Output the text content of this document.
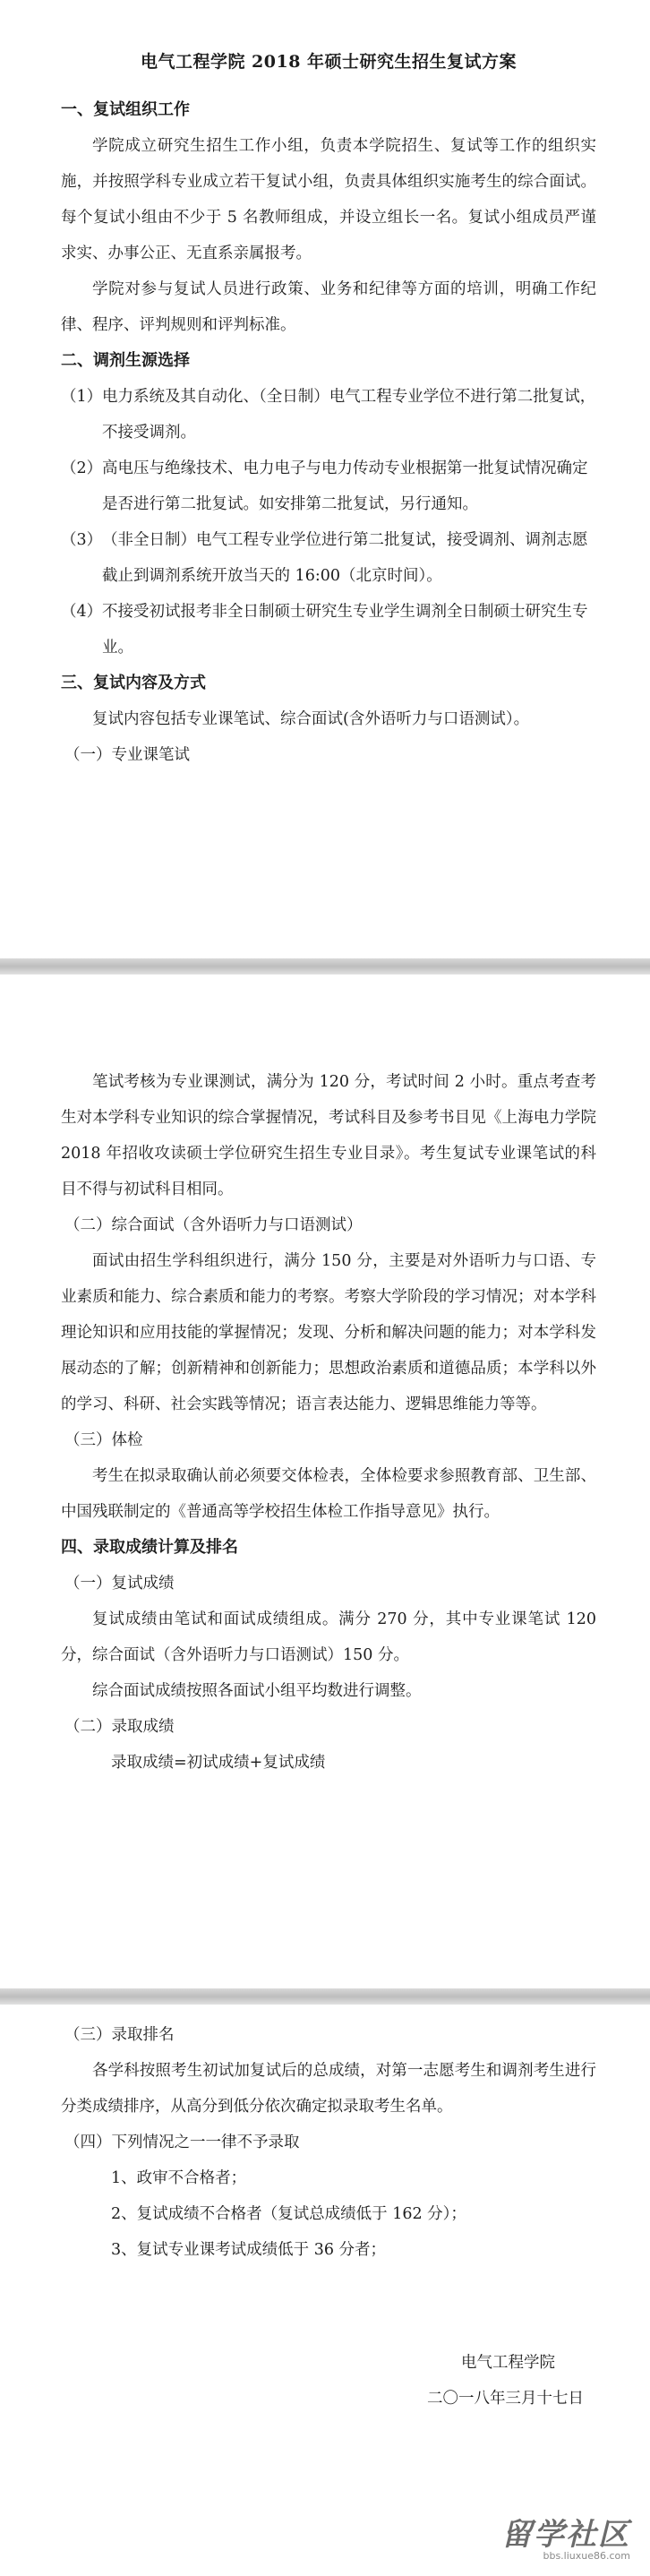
电气工程学院 2018 年硕士研究生招生复试方案

一、复试组织工作

学院成立研究生招生工作小组，负责本学院招生、复试等工作的组织实施，并按照学科专业成立若干复试小组，负责具体组织实施考生的综合面试。每个复试小组由不少于 5 名教师组成，并设立组长一名。复试小组成员严谨求实、办事公正、无直系亲属报考。

学院对参与复试人员进行政策、业务和纪律等方面的培训，明确工作纪律、程序、评判规则和评判标准。

二、调剂生源选择

（1）电力系统及其自动化、（全日制）电气工程专业学位不进行第二批复试，不接受调剂。

（2）高电压与绝缘技术、电力电子与电力传动专业根据第一批复试情况确定是否进行第二批复试。如安排第二批复试，另行通知。

（3）（非全日制）电气工程专业学位进行第二批复试，接受调剂、调剂志愿截止到调剂系统开放当天的 16:00（北京时间）。

（4）不接受初试报考非全日制硕士研究生专业学生调剂全日制硕士研究生专业。

三、复试内容及方式

复试内容包括专业课笔试、综合面试(含外语听力与口语测试）。

（一）专业课笔试

笔试考核为专业课测试，满分为 120 分，考试时间 2 小时。重点考查考生对本学科专业知识的综合掌握情况，考试科目及参考书目见《上海电力学院 2018 年招收攻读硕士学位研究生招生专业目录》。考生复试专业课笔试的科目不得与初试科目相同。

（二）综合面试（含外语听力与口语测试）

面试由招生学科组织进行，满分 150 分，主要是对外语听力与口语、专业素质和能力、综合素质和能力的考察。考察大学阶段的学习情况；对本学科理论知识和应用技能的掌握情况；发现、分析和解决问题的能力；对本学科发展动态的了解；创新精神和创新能力；思想政治素质和道德品质；本学科以外的学习、科研、社会实践等情况；语言表达能力、逻辑思维能力等等。

（三）体检

考生在拟录取确认前必须要交体检表，全体检要求参照教育部、卫生部、中国残联制定的《普通高等学校招生体检工作指导意见》执行。

四、录取成绩计算及排名

（一）复试成绩

复试成绩由笔试和面试成绩组成。满分 270 分，其中专业课笔试 120 分，综合面试（含外语听力与口语测试）150 分。

综合面试成绩按照各面试小组平均数进行调整。

（二）录取成绩

录取成绩=初试成绩+复试成绩

（三）录取排名

各学科按照考生初试加复试后的总成绩，对第一志愿考生和调剂考生进行分类成绩排序，从高分到低分依次确定拟录取考生名单。

（四）下列情况之一一律不予录取

1、政审不合格者；

2、复试成绩不合格者（复试总成绩低于 162 分）；

3、复试专业课考试成绩低于 36 分者；

电气工程学院

二〇一八年三月十七日

留学社区
bbs.liuxue86.com
